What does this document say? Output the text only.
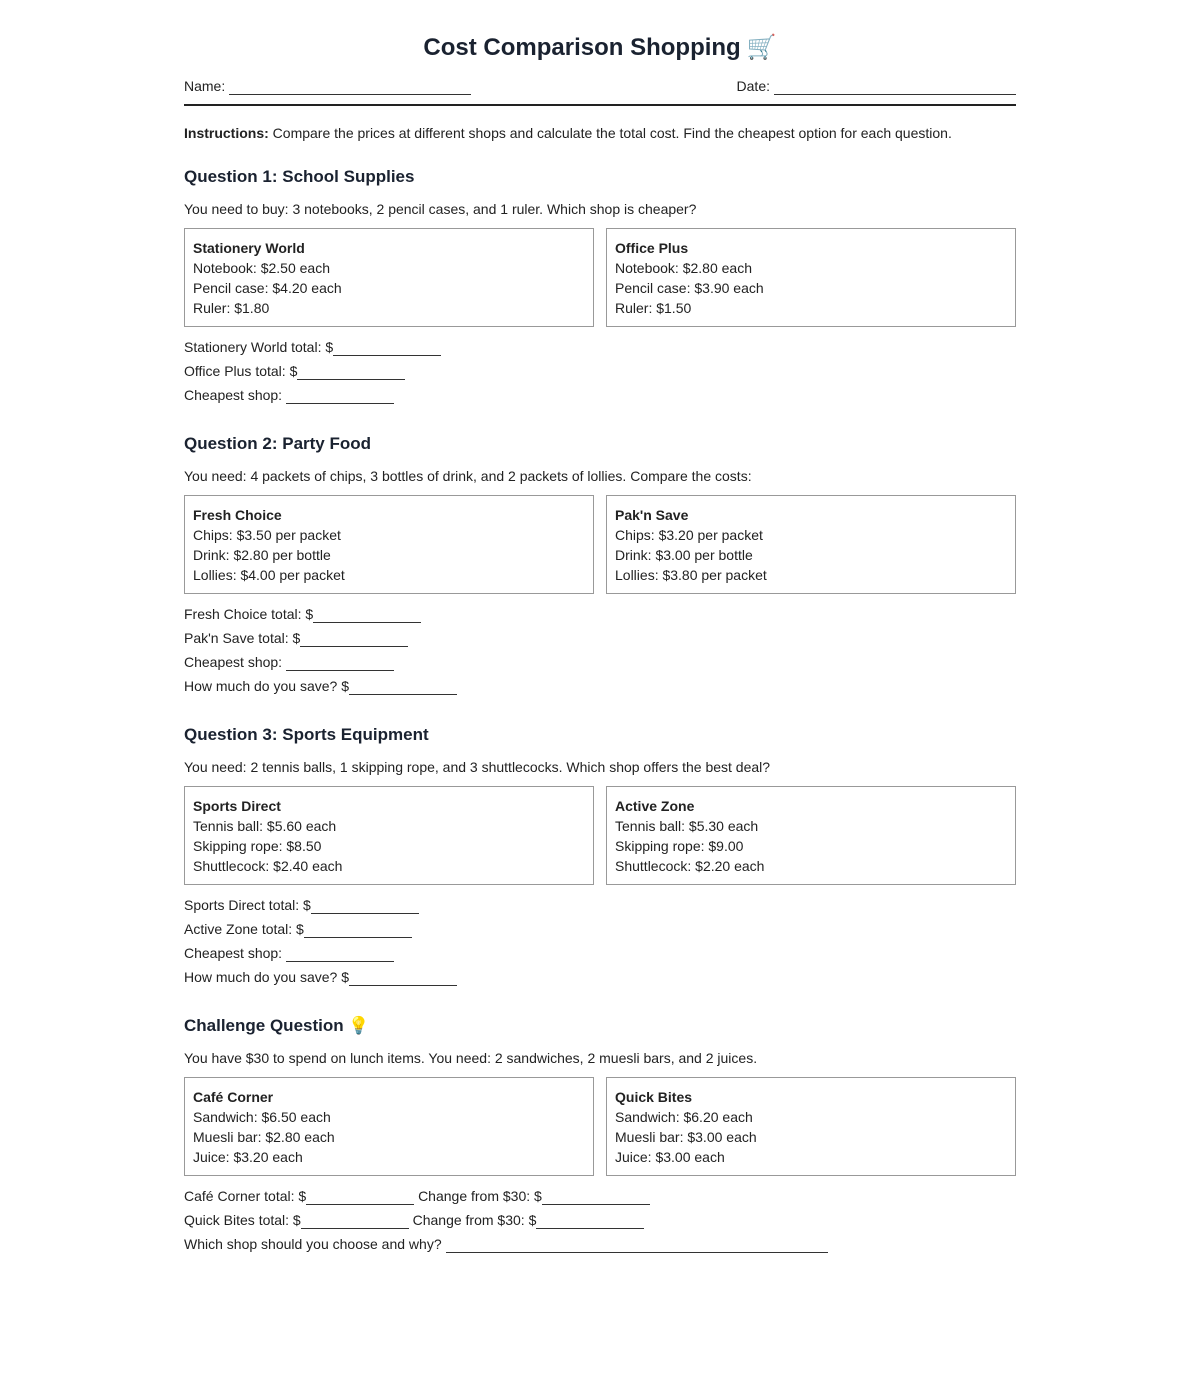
Cost Comparison Shopping 🛒
Name:	Date:
Instructions: Compare the prices at different shops and calculate the total cost. Find the cheapest option for each question.
Question 1: School Supplies
You need to buy: 3 notebooks, 2 pencil cases, and 1 ruler. Which shop is cheaper?
Stationery World
Notebook: $2.50 each
Pencil case: $4.20 each
Ruler: $1.80
Office Plus
Notebook: $2.80 each
Pencil case: $3.90 each
Ruler: $1.50
Stationery World total: $
Office Plus total: $
Cheapest shop:
Question 2: Party Food
You need: 4 packets of chips, 3 bottles of drink, and 2 packets of lollies. Compare the costs:
Fresh Choice
Chips: $3.50 per packet
Drink: $2.80 per bottle
Lollies: $4.00 per packet
Pak'n Save
Chips: $3.20 per packet
Drink: $3.00 per bottle
Lollies: $3.80 per packet
Fresh Choice total: $
Pak'n Save total: $
Cheapest shop:
How much do you save? $
Question 3: Sports Equipment
You need: 2 tennis balls, 1 skipping rope, and 3 shuttlecocks. Which shop offers the best deal?
Sports Direct
Tennis ball: $5.60 each
Skipping rope: $8.50
Shuttlecock: $2.40 each
Active Zone
Tennis ball: $5.30 each
Skipping rope: $9.00
Shuttlecock: $2.20 each
Sports Direct total: $
Active Zone total: $
Cheapest shop:
How much do you save? $
Challenge Question 💡
You have $30 to spend on lunch items. You need: 2 sandwiches, 2 muesli bars, and 2 juices.
Café Corner
Sandwich: $6.50 each
Muesli bar: $2.80 each
Juice: $3.20 each
Quick Bites
Sandwich: $6.20 each
Muesli bar: $3.00 each
Juice: $3.00 each
Café Corner total: $	Change from $30: $
Quick Bites total: $	Change from $30: $
Which shop should you choose and why?
